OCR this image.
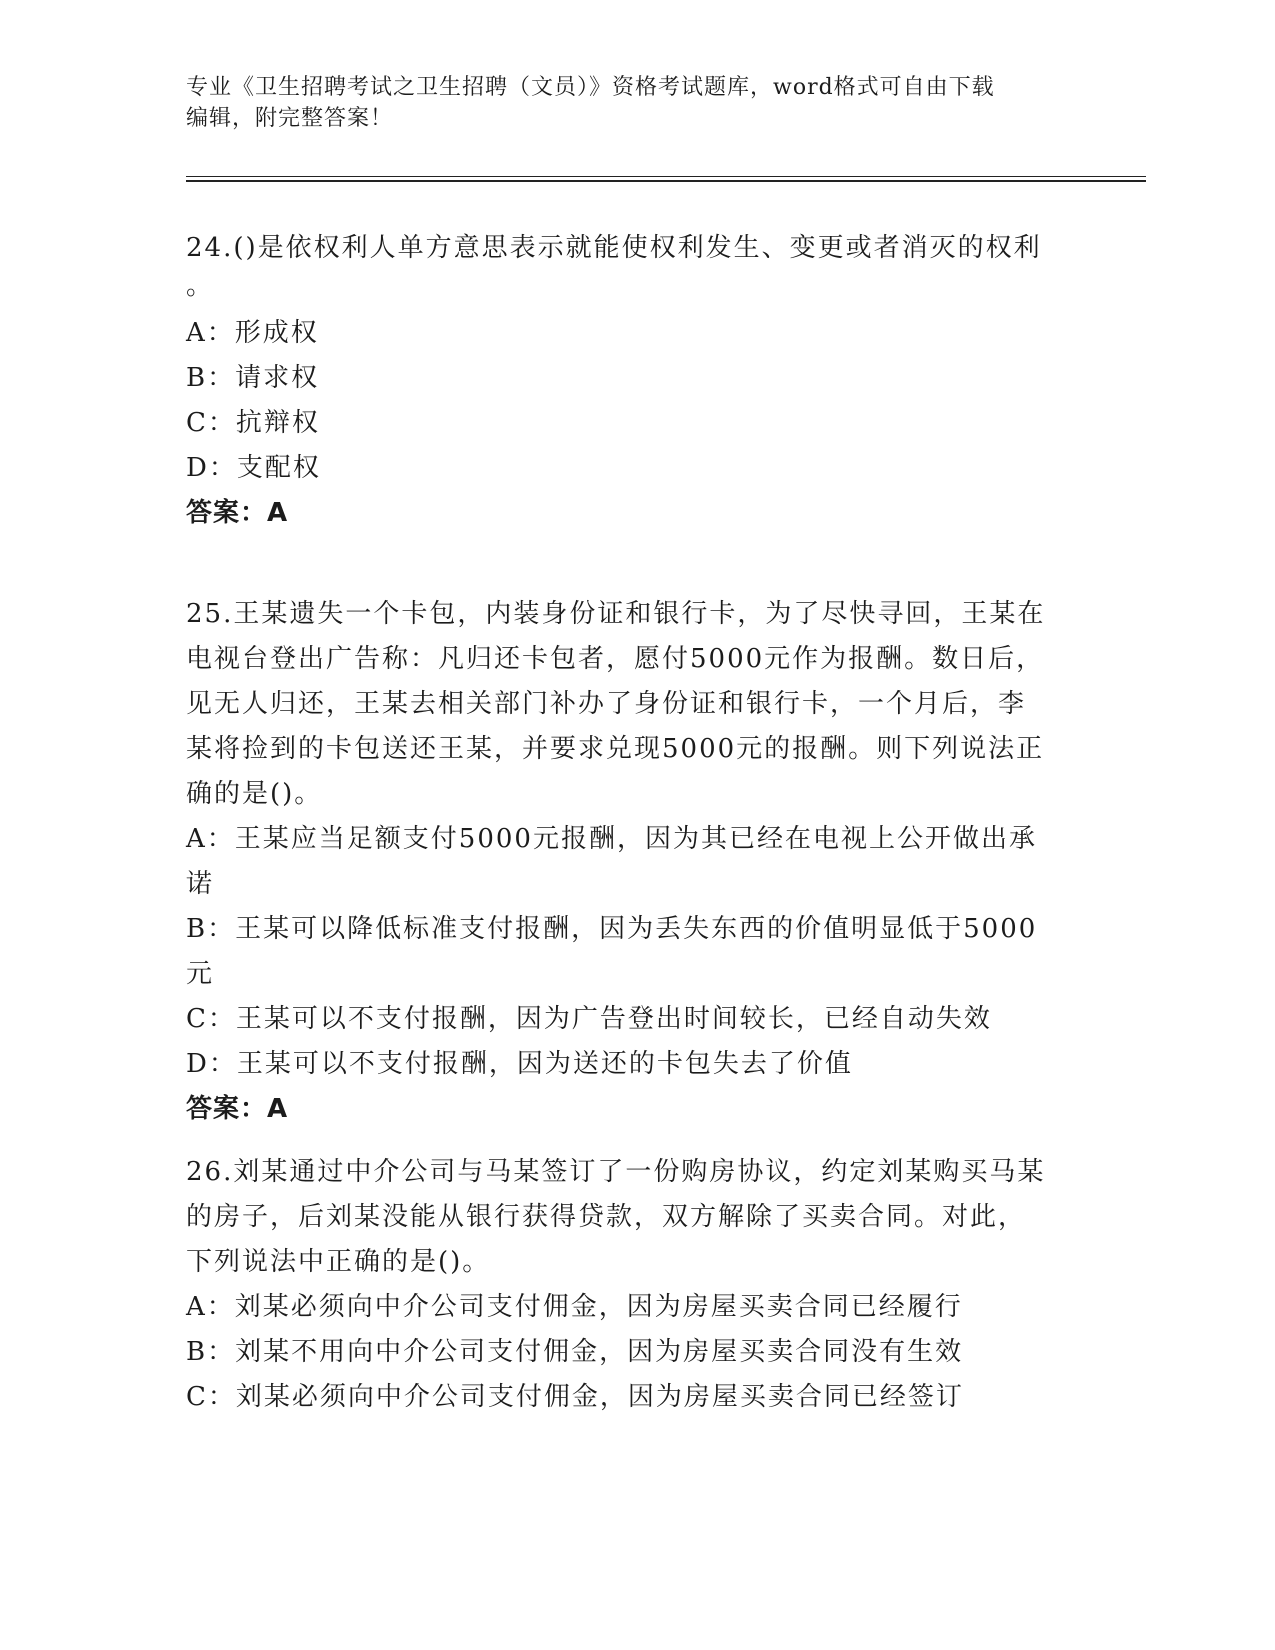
专业《卫生招聘考试之卫生招聘（文员）》资格考试题库，word格式可自由下载
编辑，附完整答案！
24.()是依权利人单方意思表示就能使权利发生、变更或者消灭的权利
。
A：形成权
B：请求权
C：抗辩权
D：支配权
答案：A
25.王某遗失一个卡包，内装身份证和银行卡，为了尽快寻回，王某在
电视台登出广告称：凡归还卡包者，愿付5000元作为报酬。数日后，
见无人归还，王某去相关部门补办了身份证和银行卡，一个月后，李
某将捡到的卡包送还王某，并要求兑现5000元的报酬。则下列说法正
确的是()。
A：王某应当足额支付5000元报酬，因为其已经在电视上公开做出承
诺
B：王某可以降低标准支付报酬，因为丢失东西的价值明显低于5000
元
C：王某可以不支付报酬，因为广告登出时间较长，已经自动失效
D：王某可以不支付报酬，因为送还的卡包失去了价值
答案：A
26.刘某通过中介公司与马某签订了一份购房协议，约定刘某购买马某
的房子，后刘某没能从银行获得贷款，双方解除了买卖合同。对此，
下列说法中正确的是()。
A：刘某必须向中介公司支付佣金，因为房屋买卖合同已经履行
B：刘某不用向中介公司支付佣金，因为房屋买卖合同没有生效
C：刘某必须向中介公司支付佣金，因为房屋买卖合同已经签订
